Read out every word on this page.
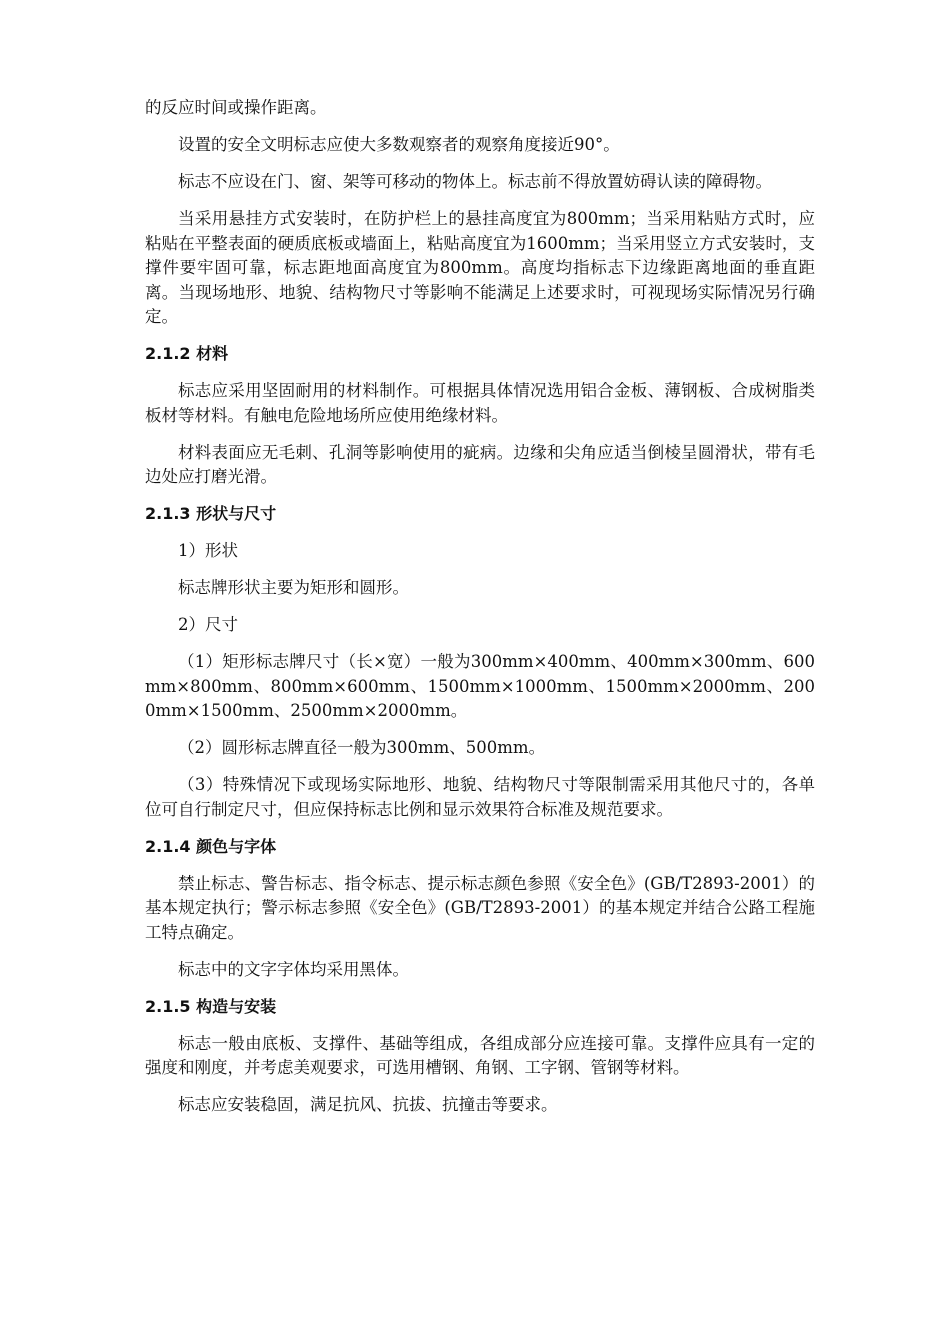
的反应时间或操作距离。

设置的安全文明标志应使大多数观察者的观察角度接近90°。

标志不应设在门、窗、架等可移动的物体上。标志前不得放置妨碍认读的障碍物。

当采用悬挂方式安装时，在防护栏上的悬挂高度宜为800mm；当采用粘贴方式时，应粘贴在平整表面的硬质底板或墙面上，粘贴高度宜为1600mm；当采用竖立方式安装时，支撑件要牢固可靠，标志距地面高度宜为800mm。高度均指标志下边缘距离地面的垂直距离。当现场地形、地貌、结构物尺寸等影响不能满足上述要求时，可视现场实际情况另行确定。

2.1.2 材料

标志应采用坚固耐用的材料制作。可根据具体情况选用铝合金板、薄钢板、合成树脂类板材等材料。有触电危险地场所应使用绝缘材料。

材料表面应无毛刺、孔洞等影响使用的疵病。边缘和尖角应适当倒棱呈圆滑状，带有毛边处应打磨光滑。

2.1.3 形状与尺寸

1）形状

标志牌形状主要为矩形和圆形。

2）尺寸

（1）矩形标志牌尺寸（长×宽）一般为300mm×400mm、400mm×300mm、600mm×800mm、800mm×600mm、1500mm×1000mm、1500mm×2000mm、2000mm×1500mm、2500mm×2000mm。

（2）圆形标志牌直径一般为300mm、500mm。

（3）特殊情况下或现场实际地形、地貌、结构物尺寸等限制需采用其他尺寸的，各单位可自行制定尺寸，但应保持标志比例和显示效果符合标准及规范要求。

2.1.4 颜色与字体

禁止标志、警告标志、指令标志、提示标志颜色参照《安全色》(GB/T2893-2001）的基本规定执行；警示标志参照《安全色》(GB/T2893-2001）的基本规定并结合公路工程施工特点确定。

标志中的文字字体均采用黑体。

2.1.5 构造与安装

标志一般由底板、支撑件、基础等组成，各组成部分应连接可靠。支撑件应具有一定的强度和刚度，并考虑美观要求，可选用槽钢、角钢、工字钢、管钢等材料。

标志应安装稳固，满足抗风、抗拔、抗撞击等要求。
